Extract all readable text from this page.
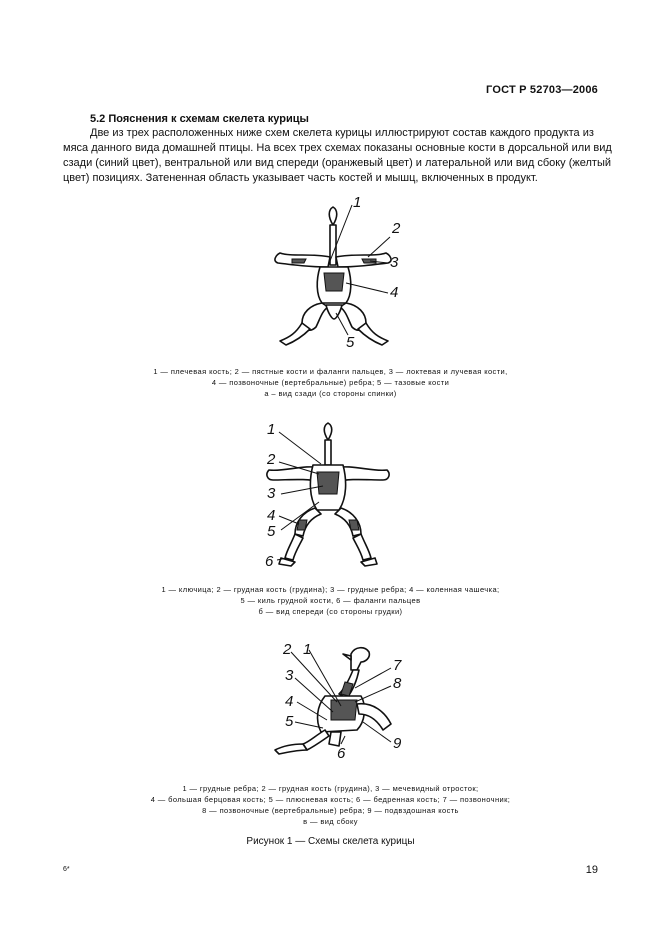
ГОСТ Р 52703—2006
5.2 Пояснения к схемам скелета курицы
Две из трех расположенных ниже схем скелета курицы иллюстрируют состав каждого продукта из
мяса данного вида домашней птицы. На всех трех схемах показаны основные кости в дорсальной или вид
сзади (синий цвет), вентральной или вид спереди (оранжевый цвет) и латеральной или вид сбоку (желтый
цвет) позициях. Затененная область указывает часть костей и мышц, включенных в продукт.
1
2
3
4
5
1 — плечевая кость; 2 — пястные кости и фаланги пальцев, 3 — локтевая и лучевая кости,
4 — позвоночные (вертебральные) ребра; 5 — тазовые кости
а – вид сзади (со стороны спинки)
1
2
3
4
5
6
1 — ключица; 2 — грудная кость (грудина); 3 — грудные ребра; 4 — коленная чашечка;
5 — киль грудной кости, 6 — фаланги пальцев
б — вид спереди (со стороны грудки)
2 1
3
4
5
6
7
8
9
1 — грудные ребра; 2 — грудная кость (грудина), 3 — мечевидный отросток;
4 — большая берцовая кость; 5 — плюсневая кость; 6 — бедренная кость; 7 — позвоночник;
8 — позвоночные (вертебральные) ребра; 9 — подвздошная кость
в — вид сбоку
Рисунок 1 — Схемы скелета курицы
6*	19
